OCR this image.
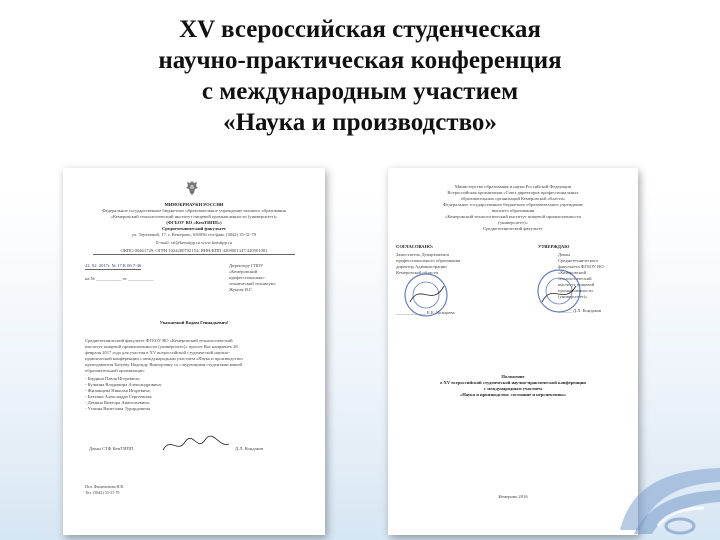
XV всероссийская студенческая
научно-практическая конференция
с международным участием
«Наука и производство»
МИНОБРНАУКИ РОССИИ
Федеральное государственное бюджетное образовательное учреждение высшего образования
«Кемеровский технологический институт пищевой промышленности (университет)»
(ФГБОУ ВО «КемТИПП»)
Среднетехнический факультет
ул. Тереховой, 17, г. Кемерово, 650056 тел/факс (3842) 35-31-79
E-mail: stf@kemtipp.ru www.kemtipp.ru
ОКПО 00461729, ОГРН 1024200702154, ИНН/КПП 4208001347/420501001
22. 02. 2017г. № 17.К.06.7-46
на № ___________ от ___________
Директору ГПОУ
«Кемеровский
профессионально-
технический техникум»
Жукову В.Г.
Уважаемый Вадим Геннадьевич!
Среднетехнический факультет ФГБОУ ВО «Кемеровский технологический
институт пищевой промышленности (университет)» просит Вас направить 28
февраля 2017 года для участия в XV всероссийской студенческой научно-
практической конференции с международным участием «Наука и производство»
преподавателя Батуеву Надежду Викторовну со следующими студентами вашей
образовательной организации:
- Бердина Павла Игоревича;
- Кучкина Владимира Александровича;
- Жилинцева Николая Игоревича;
- Бахтина Александра Сергеевича;
- Демина Виктора Анатольевича;
- Уткина Вячеслава Эдуардовича.
Декан СТФ КемТИПП	Д.Л. Кондаков
Исп. Филимонова Н.В.
Тел. (3842) 35-31-79
Министерство образования и науки Российской Федерации
Всероссийская организация «Союз директоров профессиональных
образовательных организаций Кемеровской области»
Федеральное государственное бюджетное образовательное учреждение
высшего образования
«Кемеровский технологический институт пищевой промышленности
(университет)»
Среднетехнический факультет
СОГЛАСОВАНО:
Заместитель Департамента
профессионального образования
директор Администрации
Кемеровской области
_____________ Е.Е. Козырева
УТВЕРЖДАЮ
Декан
Среднетехнического
факультета ФГБОУ ВО
«Кемеровский
технологический
институт пищевой
промышленности
(университет)»
______ Д.Л. Кондаков
Положение
о XV всероссийской студенческой научно-практической конференции
с международным участием
«Наука и производство: состояние и перспективы»
Кемерово 2016
